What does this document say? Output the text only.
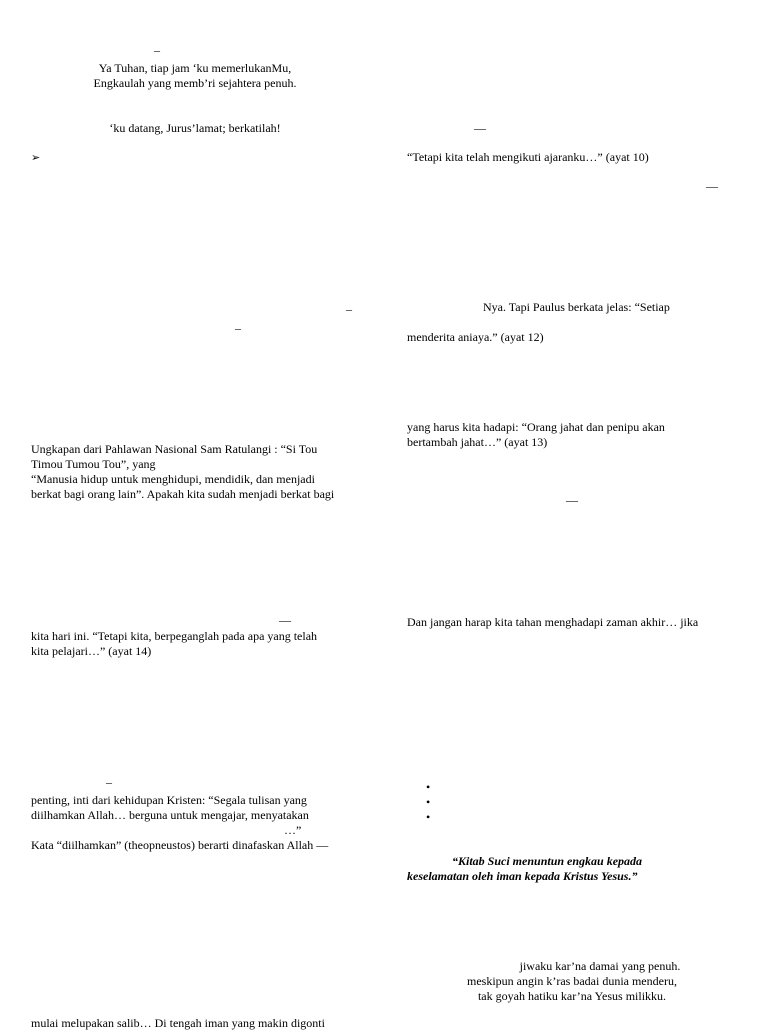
–
Ya Tuhan, tiap jam ‘ku memerlukanMu,
Engkaulah yang memb’ri sejahtera penuh.
‘ku datang, Jurus’lamat; berkatilah!
➢
–
–
Ungkapan dari Pahlawan Nasional Sam Ratulangi : “Si Tou
Timou Tumou Tou”, yang
“Manusia hidup untuk menghidupi, mendidik, dan menjadi
berkat bagi orang lain”. Apakah kita sudah menjadi berkat bagi
—
kita hari ini. “Tetapi kita, berpeganglah pada apa yang telah
kita pelajari…” (ayat 14)
–
penting, inti dari kehidupan Kristen: “Segala tulisan yang
diilhamkan Allah… berguna untuk mengajar, menyatakan
…”
Kata “diilhamkan” (theopneustos) berarti dinafaskan Allah —
mulai melupakan salib… Di tengah iman yang makin digonti
—
“Tetapi kita telah mengikuti ajaranku…” (ayat 10)
—
Nya. Tapi Paulus berkata jelas: “Setiap
menderita aniaya.” (ayat 12)
yang harus kita hadapi: “Orang jahat dan penipu akan
bertambah jahat…” (ayat 13)
—
Dan jangan harap kita tahan menghadapi zaman akhir… jika
•
•
•
“Kitab Suci menuntun engkau kepada
keselamatan oleh iman kepada Kristus Yesus.”
jiwaku kar’na damai yang penuh.
meskipun angin k’ras badai dunia menderu,
tak goyah hatiku kar’na Yesus milikku.
